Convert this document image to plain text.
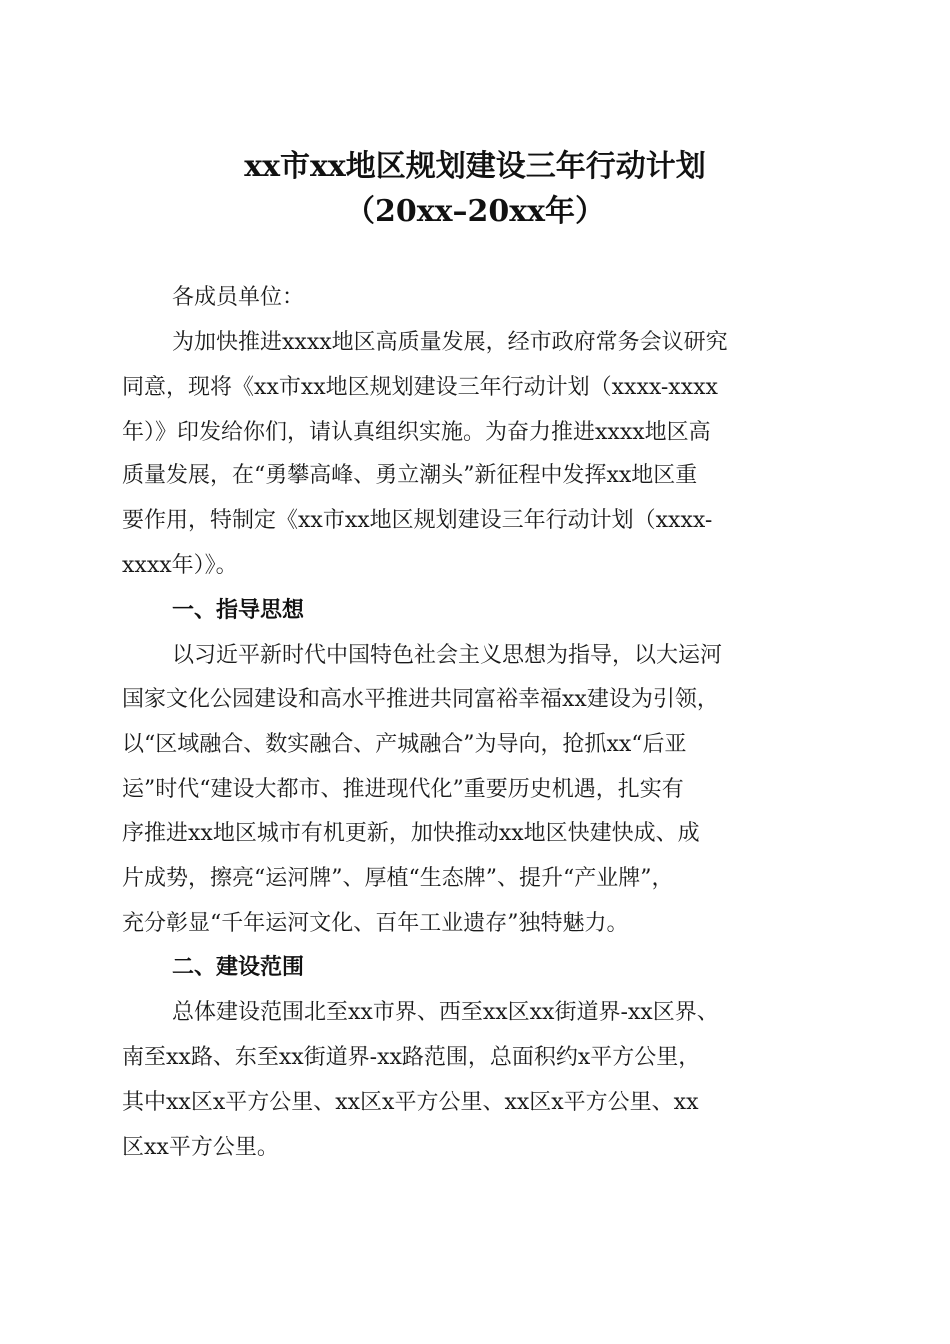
xx市xx地区规划建设三年行动计划
（20xx–20xx年）
各成员单位：
为加快推进xxxx地区高质量发展，经市政府常务会议研究
同意，现将《xx市xx地区规划建设三年行动计划（xxxx-xxxx
年）》印发给你们，请认真组织实施。为奋力推进xxxx地区高
质量发展，在“勇攀高峰、勇立潮头”新征程中发挥xx地区重
要作用，特制定《xx市xx地区规划建设三年行动计划（xxxx-
xxxx年）》。
一、指导思想
以习近平新时代中国特色社会主义思想为指导，以大运河
国家文化公园建设和高水平推进共同富裕幸福xx建设为引领，
以“区域融合、数实融合、产城融合”为导向，抢抓xx“后亚
运”时代“建设大都市、推进现代化”重要历史机遇，扎实有
序推进xx地区城市有机更新，加快推动xx地区快建快成、成
片成势，擦亮“运河牌”、厚植“生态牌”、提升“产业牌”，
充分彰显“千年运河文化、百年工业遗存”独特魅力。
二、建设范围
总体建设范围北至xx市界、西至xx区xx街道界-xx区界、
南至xx路、东至xx街道界-xx路范围，总面积约x平方公里，
其中xx区x平方公里、xx区x平方公里、xx区x平方公里、xx
区xx平方公里。
